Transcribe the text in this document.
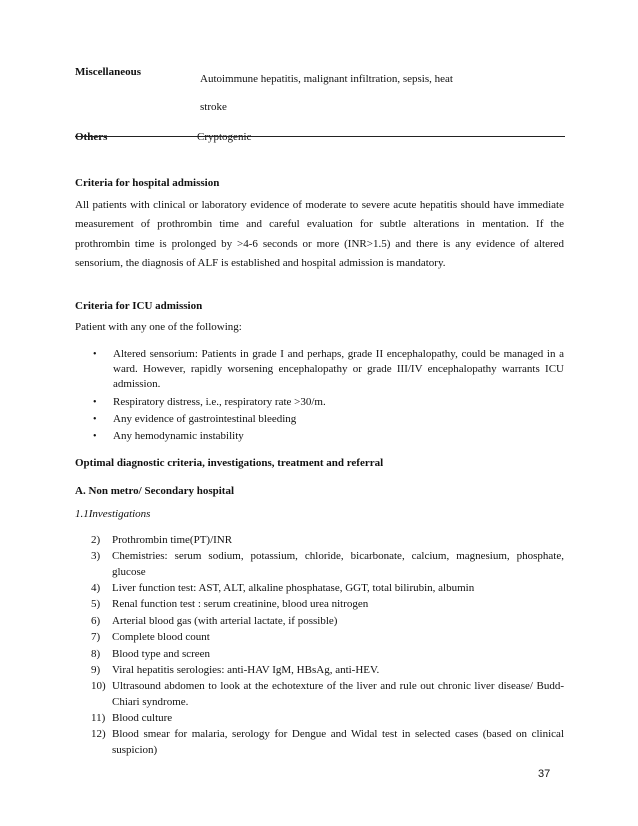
Miscellaneous
Autoimmune hepatitis, malignant infiltration, sepsis, heat
stroke
Others	Cryptogenic
Criteria for hospital admission
All patients with clinical or laboratory evidence of moderate to severe acute hepatitis should have immediate measurement of prothrombin time and careful evaluation for subtle alterations in mentation. If the prothrombin time is prolonged by >4-6 seconds or more (INR>1.5) and there is any evidence of altered sensorium, the diagnosis of ALF is established and hospital admission is mandatory.
Criteria for ICU admission
Patient with any one of the following:
• Altered sensorium: Patients in grade I and perhaps, grade II encephalopathy, could be managed in a ward. However, rapidly worsening encephalopathy or grade III/IV encephalopathy warrants ICU admission.
• Respiratory distress, i.e., respiratory rate >30/m.
• Any evidence of gastrointestinal bleeding
• Any hemodynamic instability
Optimal diagnostic criteria, investigations, treatment and referral
A. Non metro/ Secondary hospital
1.1Investigations
2) Prothrombin time(PT)/INR
3) Chemistries: serum sodium, potassium, chloride, bicarbonate, calcium, magnesium, phosphate, glucose
4) Liver function test: AST, ALT, alkaline phosphatase, GGT, total bilirubin, albumin
5) Renal function test : serum creatinine, blood urea nitrogen
6) Arterial blood gas (with arterial lactate, if possible)
7) Complete blood count
8) Blood type and screen
9) Viral hepatitis serologies: anti-HAV IgM, HBsAg, anti-HEV.
10) Ultrasound abdomen to look at the echotexture of the liver and rule out chronic liver disease/ Budd-Chiari syndrome.
11) Blood culture
12) Blood smear for malaria, serology for Dengue and Widal test in selected cases (based on clinical suspicion)
37
